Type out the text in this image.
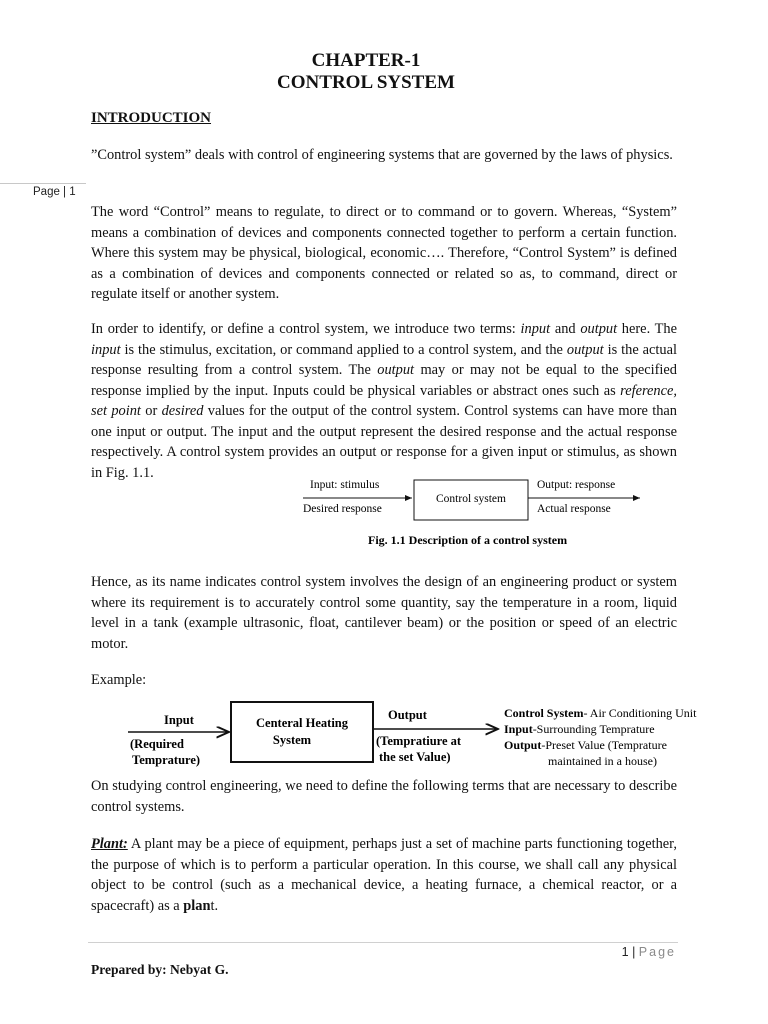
CHAPTER-1
CONTROL SYSTEM
Page | 1
INTRODUCTION

”Control system” deals with control of engineering systems that are governed by the laws of physics.

The word “Control” means to regulate, to direct or to command or to govern. Whereas, “System” means a combination of devices and components connected together to perform a certain function. Where this system may be physical, biological, economic…. Therefore, “Control System” is defined as a combination of devices and components connected or related so as, to command, direct or regulate itself or another system.

In order to identify, or define a control system, we introduce two terms: input and output here. The input is the stimulus, excitation, or command applied to a control system, and the output is the actual response resulting from a control system. The output may or may not be equal to the specified response implied by the input. Inputs could be physical variables or abstract ones such as reference, set point or desired values for the output of the control system. Control systems can have more than one input or output. The input and the output represent the desired response and the actual response respectively. A control system provides an output or response for a given input or stimulus, as shown in Fig. 1.1.

Input: stimulus
Desired response
Control system
Output: response
Actual response
Fig. 1.1 Description of a control system

Hence, as its name indicates control system involves the design of an engineering product or system where its requirement is to accurately control some quantity, say the temperature in a room, liquid level in a tank (example ultrasonic, float, cantilever beam) or the position or speed of an electric motor.

Example:
Input
(Required
Temprature)
Centeral Heating
System
Output
(Tempratiure at
the set Value)
Control System- Air Conditioning Unit
Input-Surrounding Temprature
Output-Preset Value (Temprature
maintained in a house)

On studying control engineering, we need to define the following terms that are necessary to describe control systems.

Plant: A plant may be a piece of equipment, perhaps just a set of machine parts functioning together, the purpose of which is to perform a particular operation. In this course, we shall call any physical object to be control (such as a mechanical device, a heating furnace, a chemical reactor, or a spacecraft) as a plant.

1 | Page
Prepared by: Nebyat G.
